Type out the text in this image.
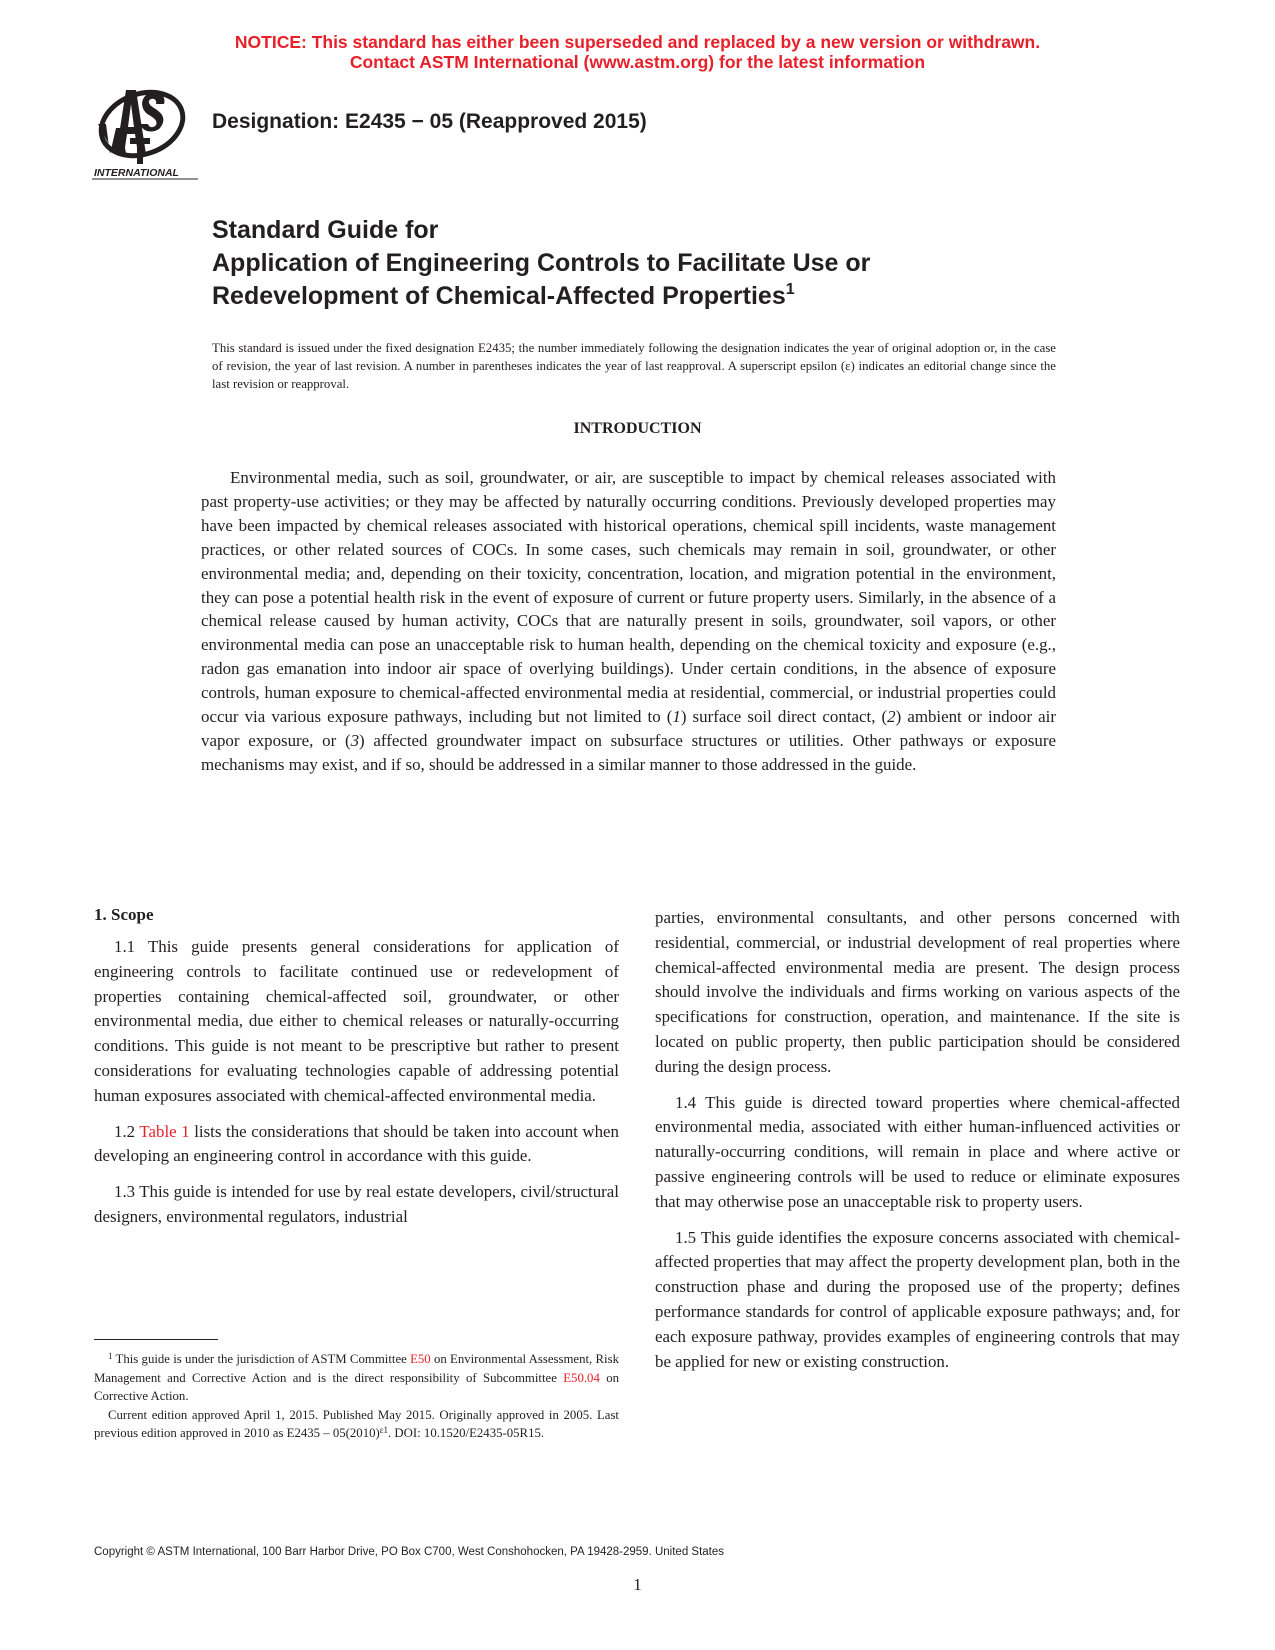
NOTICE: This standard has either been superseded and replaced by a new version or withdrawn.
Contact ASTM International (www.astm.org) for the latest information
INTERNATIONAL
Designation: E2435 − 05 (Reapproved 2015)
Standard Guide for
Application of Engineering Controls to Facilitate Use or
Redevelopment of Chemical-Affected Properties$^1$
This standard is issued under the fixed designation E2435; the number immediately following the designation indicates the year of original adoption or, in the case of revision, the year of last revision. A number in parentheses indicates the year of last reapproval. A superscript epsilon (ε) indicates an editorial change since the last revision or reapproval.
INTRODUCTION

Environmental media, such as soil, groundwater, or air, are susceptible to impact by chemical releases associated with past property-use activities; or they may be affected by naturally occurring conditions. Previously developed properties may have been impacted by chemical releases associated with historical operations, chemical spill incidents, waste management practices, or other related sources of COCs. In some cases, such chemicals may remain in soil, groundwater, or other environmental media; and, depending on their toxicity, concentration, location, and migration potential in the environment, they can pose a potential health risk in the event of exposure of current or future property users. Similarly, in the absence of a chemical release caused by human activity, COCs that are naturally present in soils, groundwater, soil vapors, or other environmental media can pose an unacceptable risk to human health, depending on the chemical toxicity and exposure (e.g., radon gas emanation into indoor air space of overlying buildings). Under certain conditions, in the absence of exposure controls, human exposure to chemical-affected environmental media at residential, commercial, or industrial properties could occur via various exposure pathways, including but not limited to (1) surface soil direct contact, (2) ambient or indoor air vapor exposure, or (3) affected groundwater impact on subsurface structures or utilities. Other pathways or exposure mechanisms may exist, and if so, should be addressed in a similar manner to those addressed in the guide.

1. Scope

1.1 This guide presents general considerations for application of engineering controls to facilitate continued use or redevelopment of properties containing chemical-affected soil, groundwater, or other environmental media, due either to chemical releases or naturally-occurring conditions. This guide is not meant to be prescriptive but rather to present considerations for evaluating technologies capable of addressing potential human exposures associated with chemical-affected environmental media.

1.2 Table 1 lists the considerations that should be taken into account when developing an engineering control in accordance with this guide.

1.3 This guide is intended for use by real estate developers, civil/structural designers, environmental regulators, industrial

parties, environmental consultants, and other persons concerned with residential, commercial, or industrial development of real properties where chemical-affected environmental media are present. The design process should involve the individuals and firms working on various aspects of the specifications for construction, operation, and maintenance. If the site is located on public property, then public participation should be considered during the design process.

1.4 This guide is directed toward properties where chemical-affected environmental media, associated with either human-influenced activities or naturally-occurring conditions, will remain in place and where active or passive engineering controls will be used to reduce or eliminate exposures that may otherwise pose an unacceptable risk to property users.

1.5 This guide identifies the exposure concerns associated with chemical-affected properties that may affect the property development plan, both in the construction phase and during the proposed use of the property; defines performance standards for control of applicable exposure pathways; and, for each exposure pathway, provides examples of engineering controls that may be applied for new or existing construction.

$^1$ This guide is under the jurisdiction of ASTM Committee E50 on Environmental Assessment, Risk Management and Corrective Action and is the direct responsibility of Subcommittee E50.04 on Corrective Action.

Current edition approved April 1, 2015. Published May 2015. Originally approved in 2005. Last previous edition approved in 2010 as $E2435 - 05(2010)^{\varepsilon 1}$. DOI: 10.1520/E2435-05R15.

Copyright © ASTM International, 100 Barr Harbor Drive, PO Box C700, West Conshohocken, PA 19428-2959. United States
1
